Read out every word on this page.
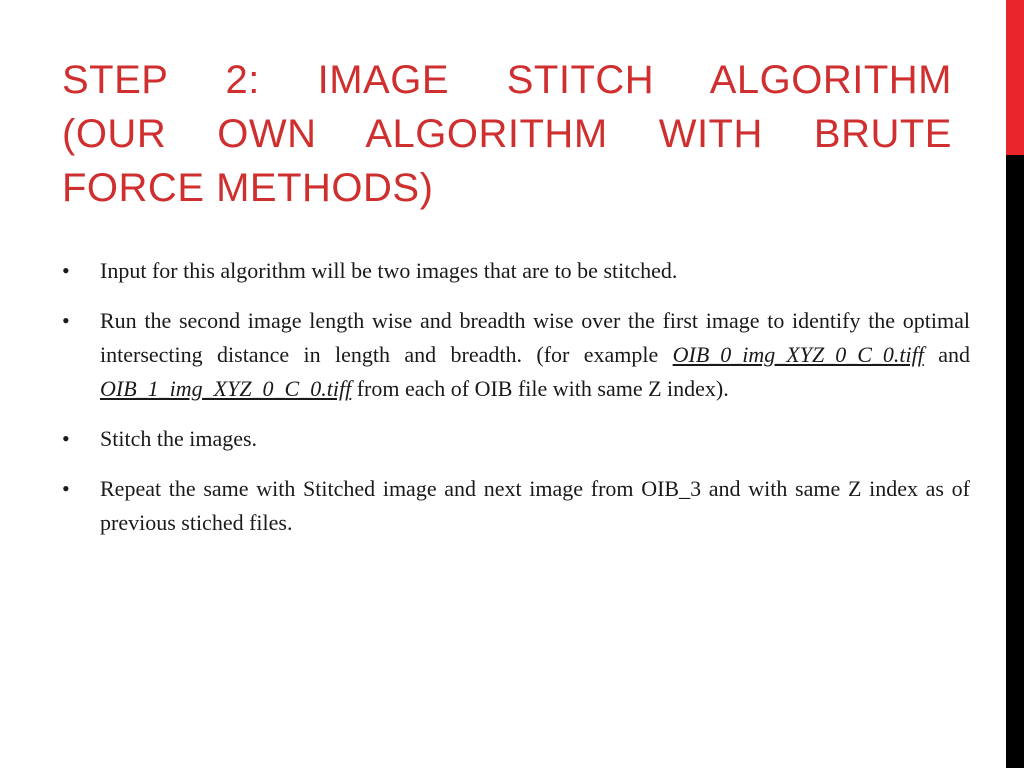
STEP 2: IMAGE STITCH ALGORITHM
(OUR OWN ALGORITHM WITH BRUTE
FORCE METHODS)
•	Input for this algorithm will be two images that are to be stitched.
•	Run the second image length wise and breadth wise over the first image to identify the optimal intersecting distance in length and breadth. (for example OIB_0_img_XYZ_0_C_0.tiff and OIB_1_img_XYZ_0_C_0.tiff from each of OIB file with same Z index).
•	Stitch the images.
•	Repeat the same with Stitched image and next image from OIB_3 and with same Z index as of previous stiched files.
